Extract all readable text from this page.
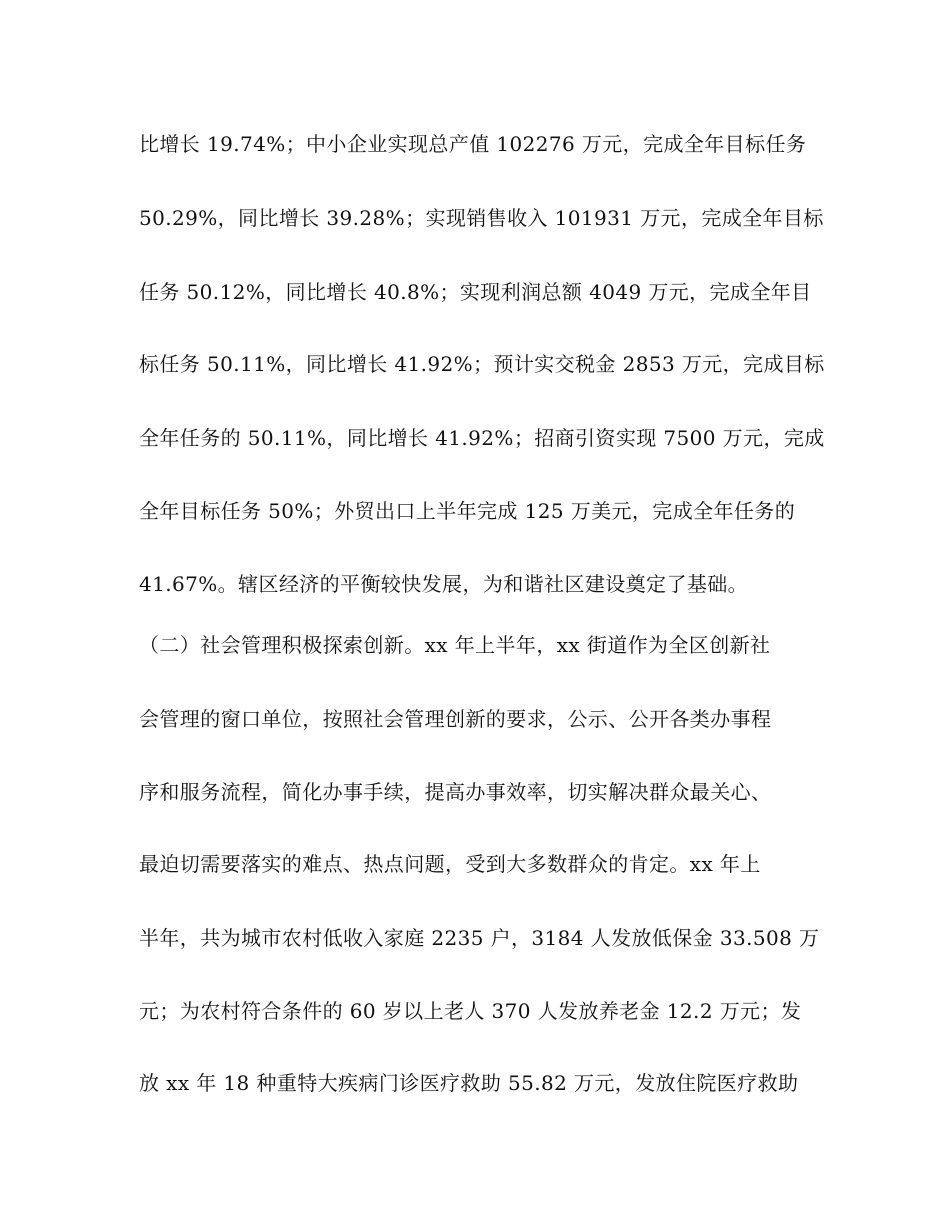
比增长 19.74%；中小企业实现总产值 102276 万元，完成全年目标任务
50.29%，同比增长 39.28%；实现销售收入 101931 万元，完成全年目标
任务 50.12%，同比增长 40.8%；实现利润总额 4049 万元，完成全年目
标任务 50.11%，同比增长 41.92%；预计实交税金 2853 万元，完成目标
全年任务的 50.11%，同比增长 41.92%；招商引资实现 7500 万元，完成
全年目标任务 50%；外贸出口上半年完成 125 万美元，完成全年任务的
41.67%。辖区经济的平衡较快发展，为和谐社区建设奠定了基础。
（二）社会管理积极探索创新。xx 年上半年，xx 街道作为全区创新社
会管理的窗口单位，按照社会管理创新的要求，公示、公开各类办事程
序和服务流程，简化办事手续，提高办事效率，切实解决群众最关心、
最迫切需要落实的难点、热点问题，受到大多数群众的肯定。xx 年上
半年，共为城市农村低收入家庭 2235 户，3184 人发放低保金 33.508 万
元；为农村符合条件的 60 岁以上老人 370 人发放养老金 12.2 万元；发
放 xx 年 18 种重特大疾病门诊医疗救助 55.82 万元，发放住院医疗救助
